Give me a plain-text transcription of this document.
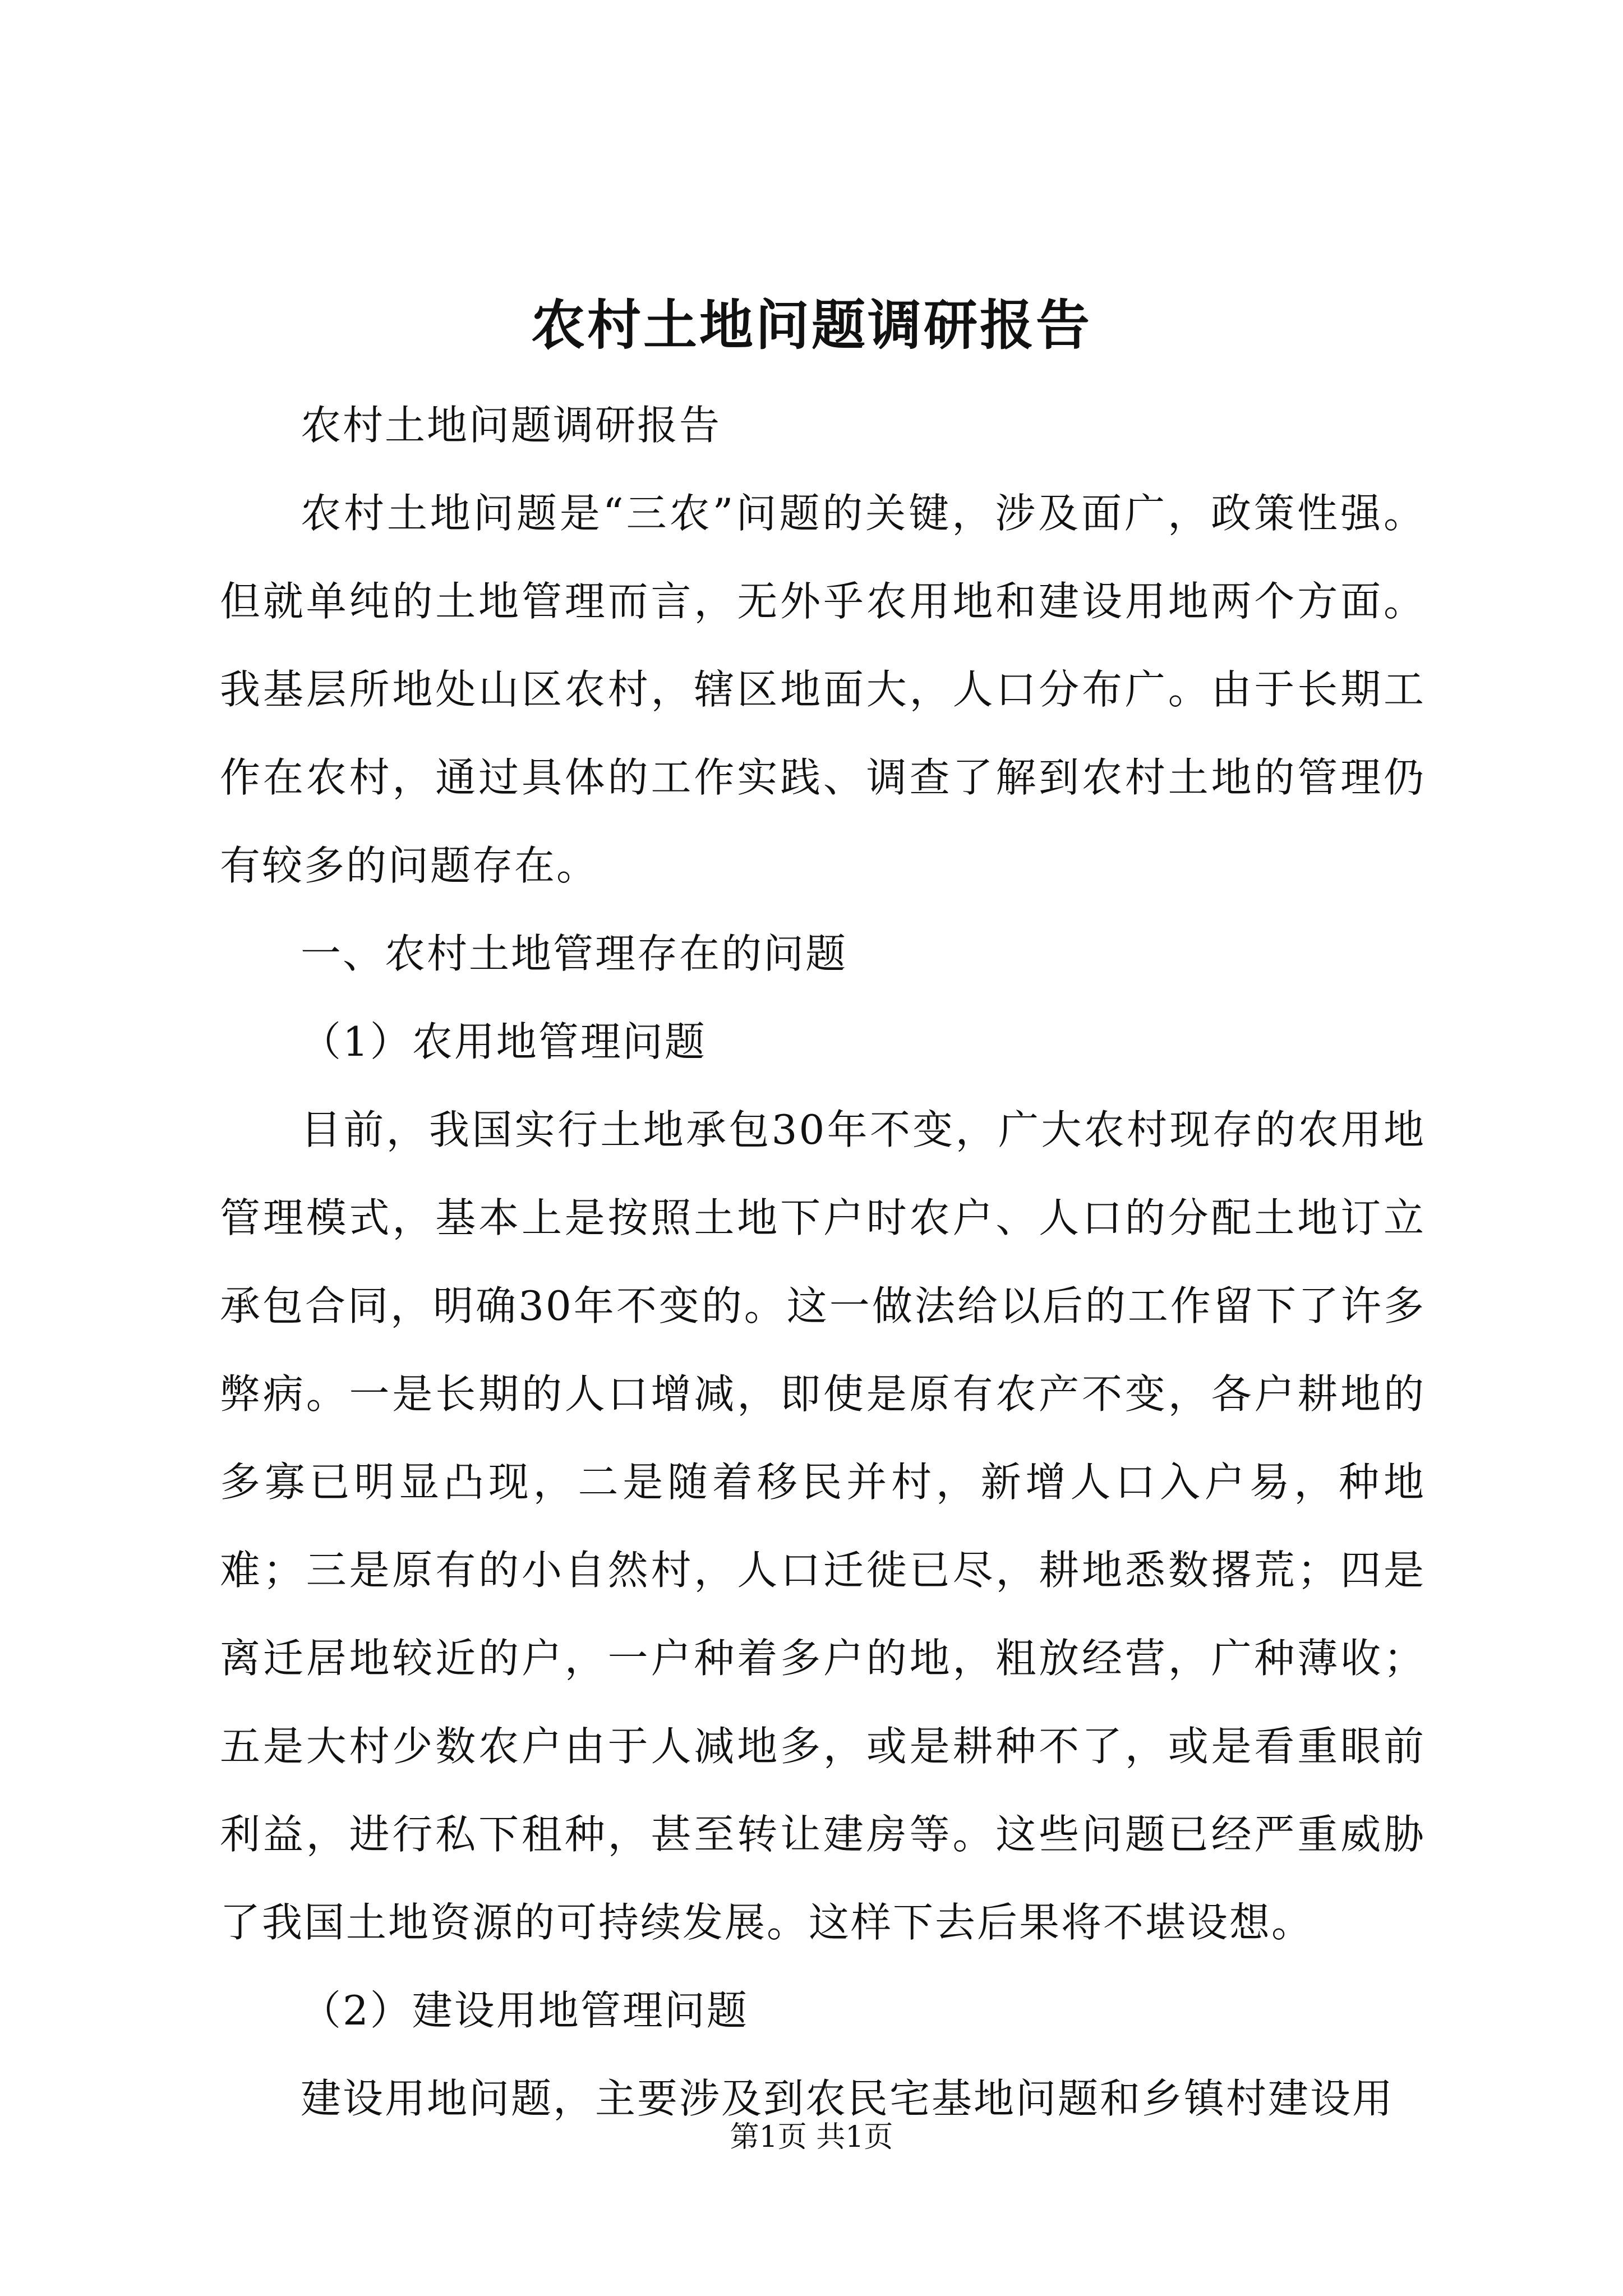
农村土地问题调研报告

农村土地问题调研报告

农村土地问题是“三农”问题的关键，涉及面广，政策性强。但就单纯的土地管理而言，无外乎农用地和建设用地两个方面。我基层所地处山区农村，辖区地面大，人口分布广。由于长期工作在农村，通过具体的工作实践、调查了解到农村土地的管理仍有较多的问题存在。

一、农村土地管理存在的问题

（1）农用地管理问题

目前，我国实行土地承包30年不变，广大农村现存的农用地管理模式，基本上是按照土地下户时农户、人口的分配土地订立承包合同，明确30年不变的。这一做法给以后的工作留下了许多弊病。一是长期的人口增减，即使是原有农产不变，各户耕地的多寡已明显凸现，二是随着移民并村，新增人口入户易，种地难；三是原有的小自然村，人口迁徙已尽，耕地悉数撂荒；四是离迁居地较近的户，一户种着多户的地，粗放经营，广种薄收；五是大村少数农户由于人减地多，或是耕种不了，或是看重眼前利益，进行私下租种，甚至转让建房等。这些问题已经严重威胁了我国土地资源的可持续发展。这样下去后果将不堪设想。

（2）建设用地管理问题

建设用地问题，主要涉及到农民宅基地问题和乡镇村建设用

第1页 共1页
